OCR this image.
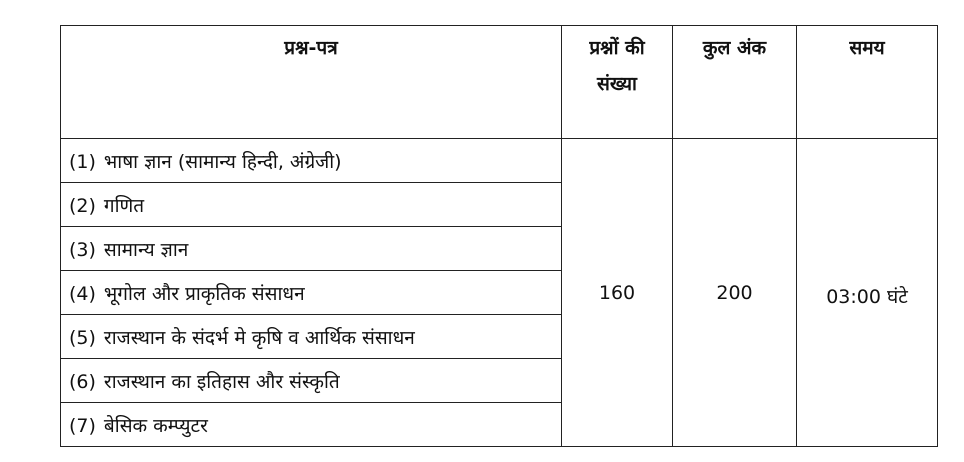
प्रश्न-पत्र	प्रश्नों की संख्या	कुल अंक	समय
(1) भाषा ज्ञान (सामान्य हिन्दी, अंग्रेजी)	160	200	03:00 घंटे
(2) गणित			
(3) सामान्य ज्ञान			
(4) भूगोल और प्राकृतिक संसाधन			
(5) राजस्थान के संदर्भ मे कृषि व आर्थिक संसाधन			
(6) राजस्थान का इतिहास और संस्कृति			
(7) बेसिक कम्प्युटर			
